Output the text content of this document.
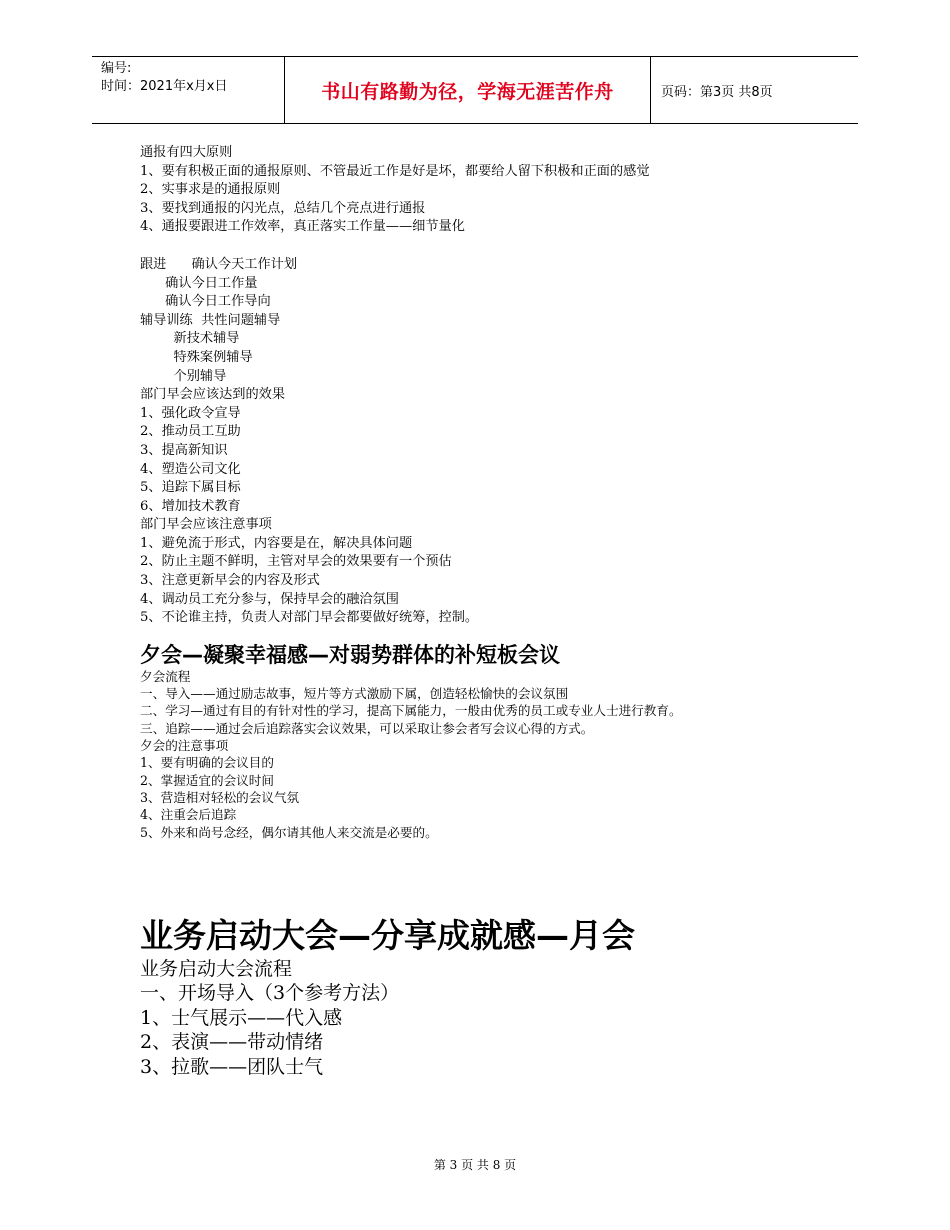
编号:
时间：2021年x月x日	书山有路勤为径，学海无涯苦作舟	页码：第3页 共8页
通报有四大原则
1、要有积极正面的通报原则、不管最近工作是好是坏，都要给人留下积极和正面的感觉
2、实事求是的通报原则
3、要找到通报的闪光点，总结几个亮点进行通报
4、通报要跟进工作效率，真正落实工作量——细节量化
跟进      确认今天工作计划
确认今日工作量
确认今日工作导向
辅导训练  共性问题辅导
新技术辅导
特殊案例辅导
个别辅导
部门早会应该达到的效果
1、强化政令宣导
2、推动员工互助
3、提高新知识
4、塑造公司文化
5、追踪下属目标
6、增加技术教育
部门早会应该注意事项
1、避免流于形式，内容要是在，解决具体问题
2、防止主题不鲜明，主管对早会的效果要有一个预估
3、注意更新早会的内容及形式
4、调动员工充分参与，保持早会的融洽氛围
5、不论谁主持，负责人对部门早会都要做好统筹，控制。
夕会—凝聚幸福感—对弱势群体的补短板会议
夕会流程
一、导入——通过励志故事，短片等方式激励下属，创造轻松愉快的会议氛围
二、学习—通过有目的有针对性的学习，提高下属能力，一般由优秀的员工或专业人士进行教育。
三、追踪——通过会后追踪落实会议效果，可以采取让参会者写会议心得的方式。
夕会的注意事项
1、要有明确的会议目的
2、掌握适宜的会议时间
3、营造相对轻松的会议气氛
4、注重会后追踪
5、外来和尚号念经，偶尔请其他人来交流是必要的。
业务启动大会—分享成就感—月会
业务启动大会流程
一、开场导入（3个参考方法）
1、士气展示——代入感
2、表演——带动情绪
3、拉歌——团队士气
第 3 页 共 8 页
